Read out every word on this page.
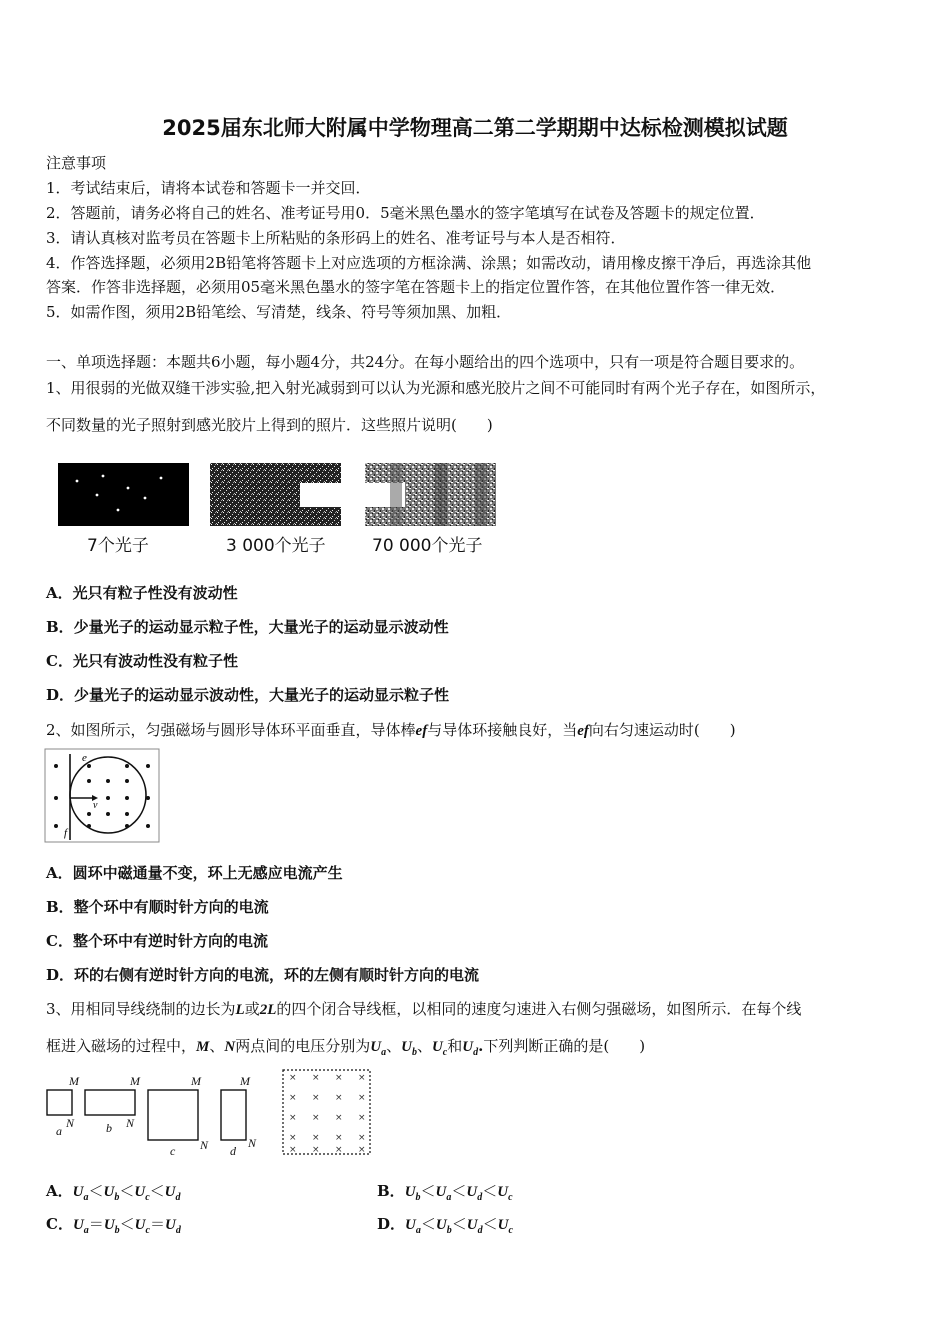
2025届东北师大附属中学物理高二第二学期期中达标检测模拟试题
注意事项
1．考试结束后，请将本试卷和答题卡一并交回．
2．答题前，请务必将自己的姓名、准考证号用0．5毫米黑色墨水的签字笔填写在试卷及答题卡的规定位置．
3．请认真核对监考员在答题卡上所粘贴的条形码上的姓名、准考证号与本人是否相符．
4．作答选择题，必须用2B铅笔将答题卡上对应选项的方框涂满、涂黑；如需改动，请用橡皮擦干净后，再选涂其他
答案．作答非选择题，必须用05毫米黑色墨水的签字笔在答题卡上的指定位置作答，在其他位置作答一律无效．
5．如需作图，须用2B铅笔绘、写清楚，线条、符号等须加黑、加粗．
一、单项选择题：本题共6小题，每小题4分，共24分。在每小题给出的四个选项中，只有一项是符合题目要求的。
1、用很弱的光做双缝干涉实验,把入射光减弱到可以认为光源和感光胶片之间不可能同时有两个光子存在，如图所示，
不同数量的光子照射到感光胶片上得到的照片．这些照片说明(　　)
7个光子	3 000个光子	70 000个光子
A．光只有粒子性没有波动性
B．少量光子的运动显示粒子性，大量光子的运动显示波动性
C．光只有波动性没有粒子性
D．少量光子的运动显示波动性，大量光子的运动显示粒子性
2、如图所示，匀强磁场与圆形导体环平面垂直，导体棒ef与导体环接触良好，当ef向右匀速运动时(　　)
e
f
v
A．圆环中磁通量不变，环上无感应电流产生
B．整个环中有顺时针方向的电流
C．整个环中有逆时针方向的电流
D．环的右侧有逆时针方向的电流，环的左侧有顺时针方向的电流
3、用相同导线绕制的边长为L或2L的四个闭合导线框，以相同的速度匀速进入右侧匀强磁场，如图所示．在每个线
框进入磁场的过程中，M、N两点间的电压分别为$U_a$、$U_b$、$U_c$和$U_d$.下列判断正确的是(　　)
M	M	M	M
N	N
N	N
a	b
c	d
× × × ×
× × × ×
× × × ×
× × × ×
× × × ×
A．$U_a<U_b<U_c<U_d$	B．$U_b<U_a<U_d<U_c$
C．$U_a=U_b<U_c=U_d$	D．$U_a<U_b<U_d<U_c$
